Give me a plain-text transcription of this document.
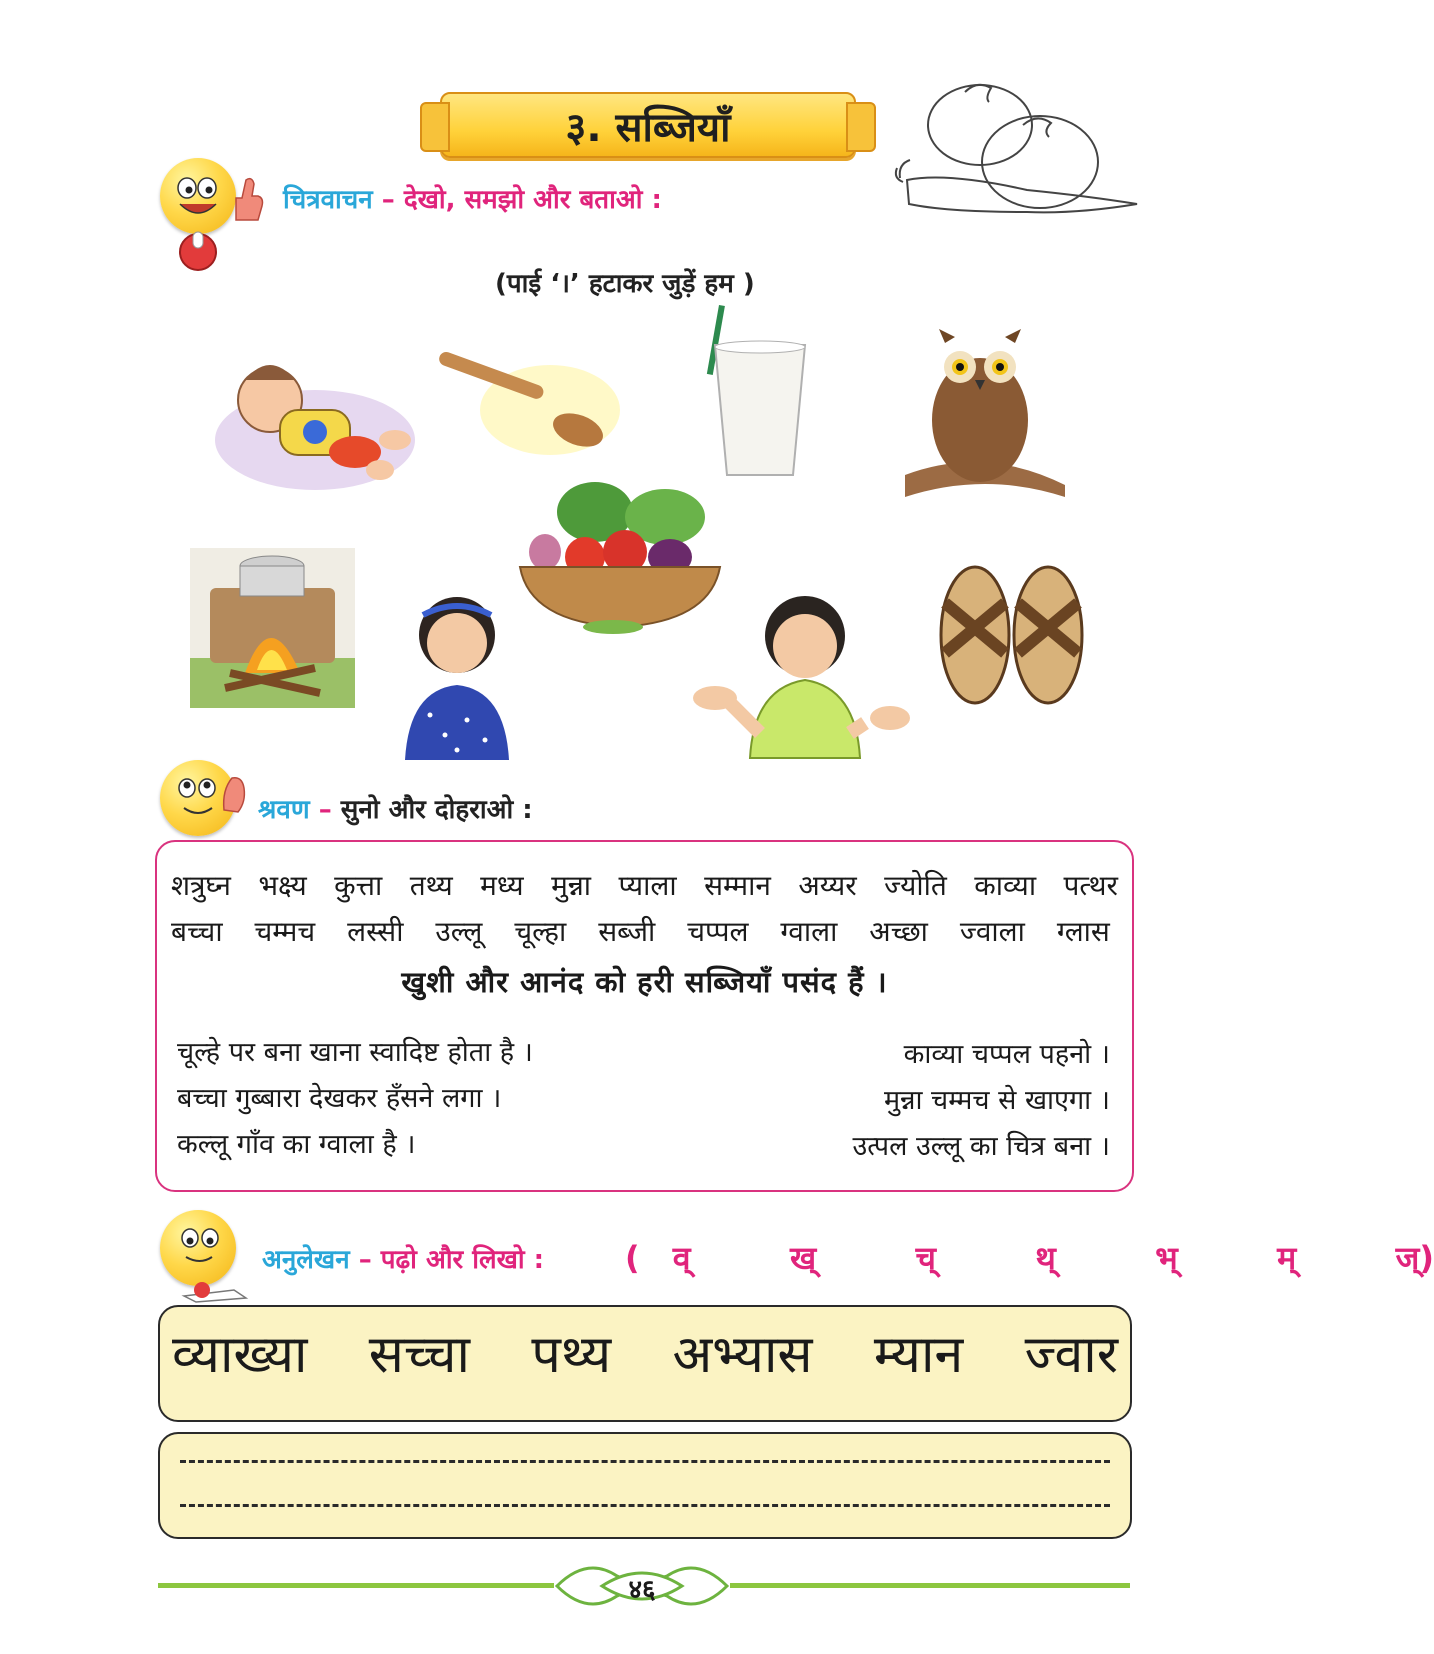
३. सब्जियाँ
चित्रवाचन – देखो, समझो और बताओ :
(पाई ‘।’ हटाकर जुड़ें हम )
श्रवण – सुनो और दोहराओ :
शत्रुघ्न भक्ष्य कुत्ता तथ्य मध्य मुन्ना प्याला सम्मान अय्यर ज्योति काव्या पत्थर
बच्चा चम्मच लस्सी उल्लू चूल्हा सब्जी चप्पल ग्वाला अच्छा ज्वाला ग्लास
खुशी और आनंद को हरी सब्जियाँ पसंद हैं ।
चूल्हे पर बना खाना स्वादिष्ट होता है ।
बच्चा गुब्बारा देखकर हँसने लगा ।
कल्लू गाँव का ग्वाला है ।
काव्या चप्पल पहनो ।
मुन्ना चम्मच से खाएगा ।
उत्पल उल्लू का चित्र बना ।
अनुलेखन – पढ़ो और लिखो :	( व्   ख्   च्   थ्   भ्   म्   ज्)
व्याख्या सच्चा पथ्य अभ्यास म्यान ज्वार
४६
